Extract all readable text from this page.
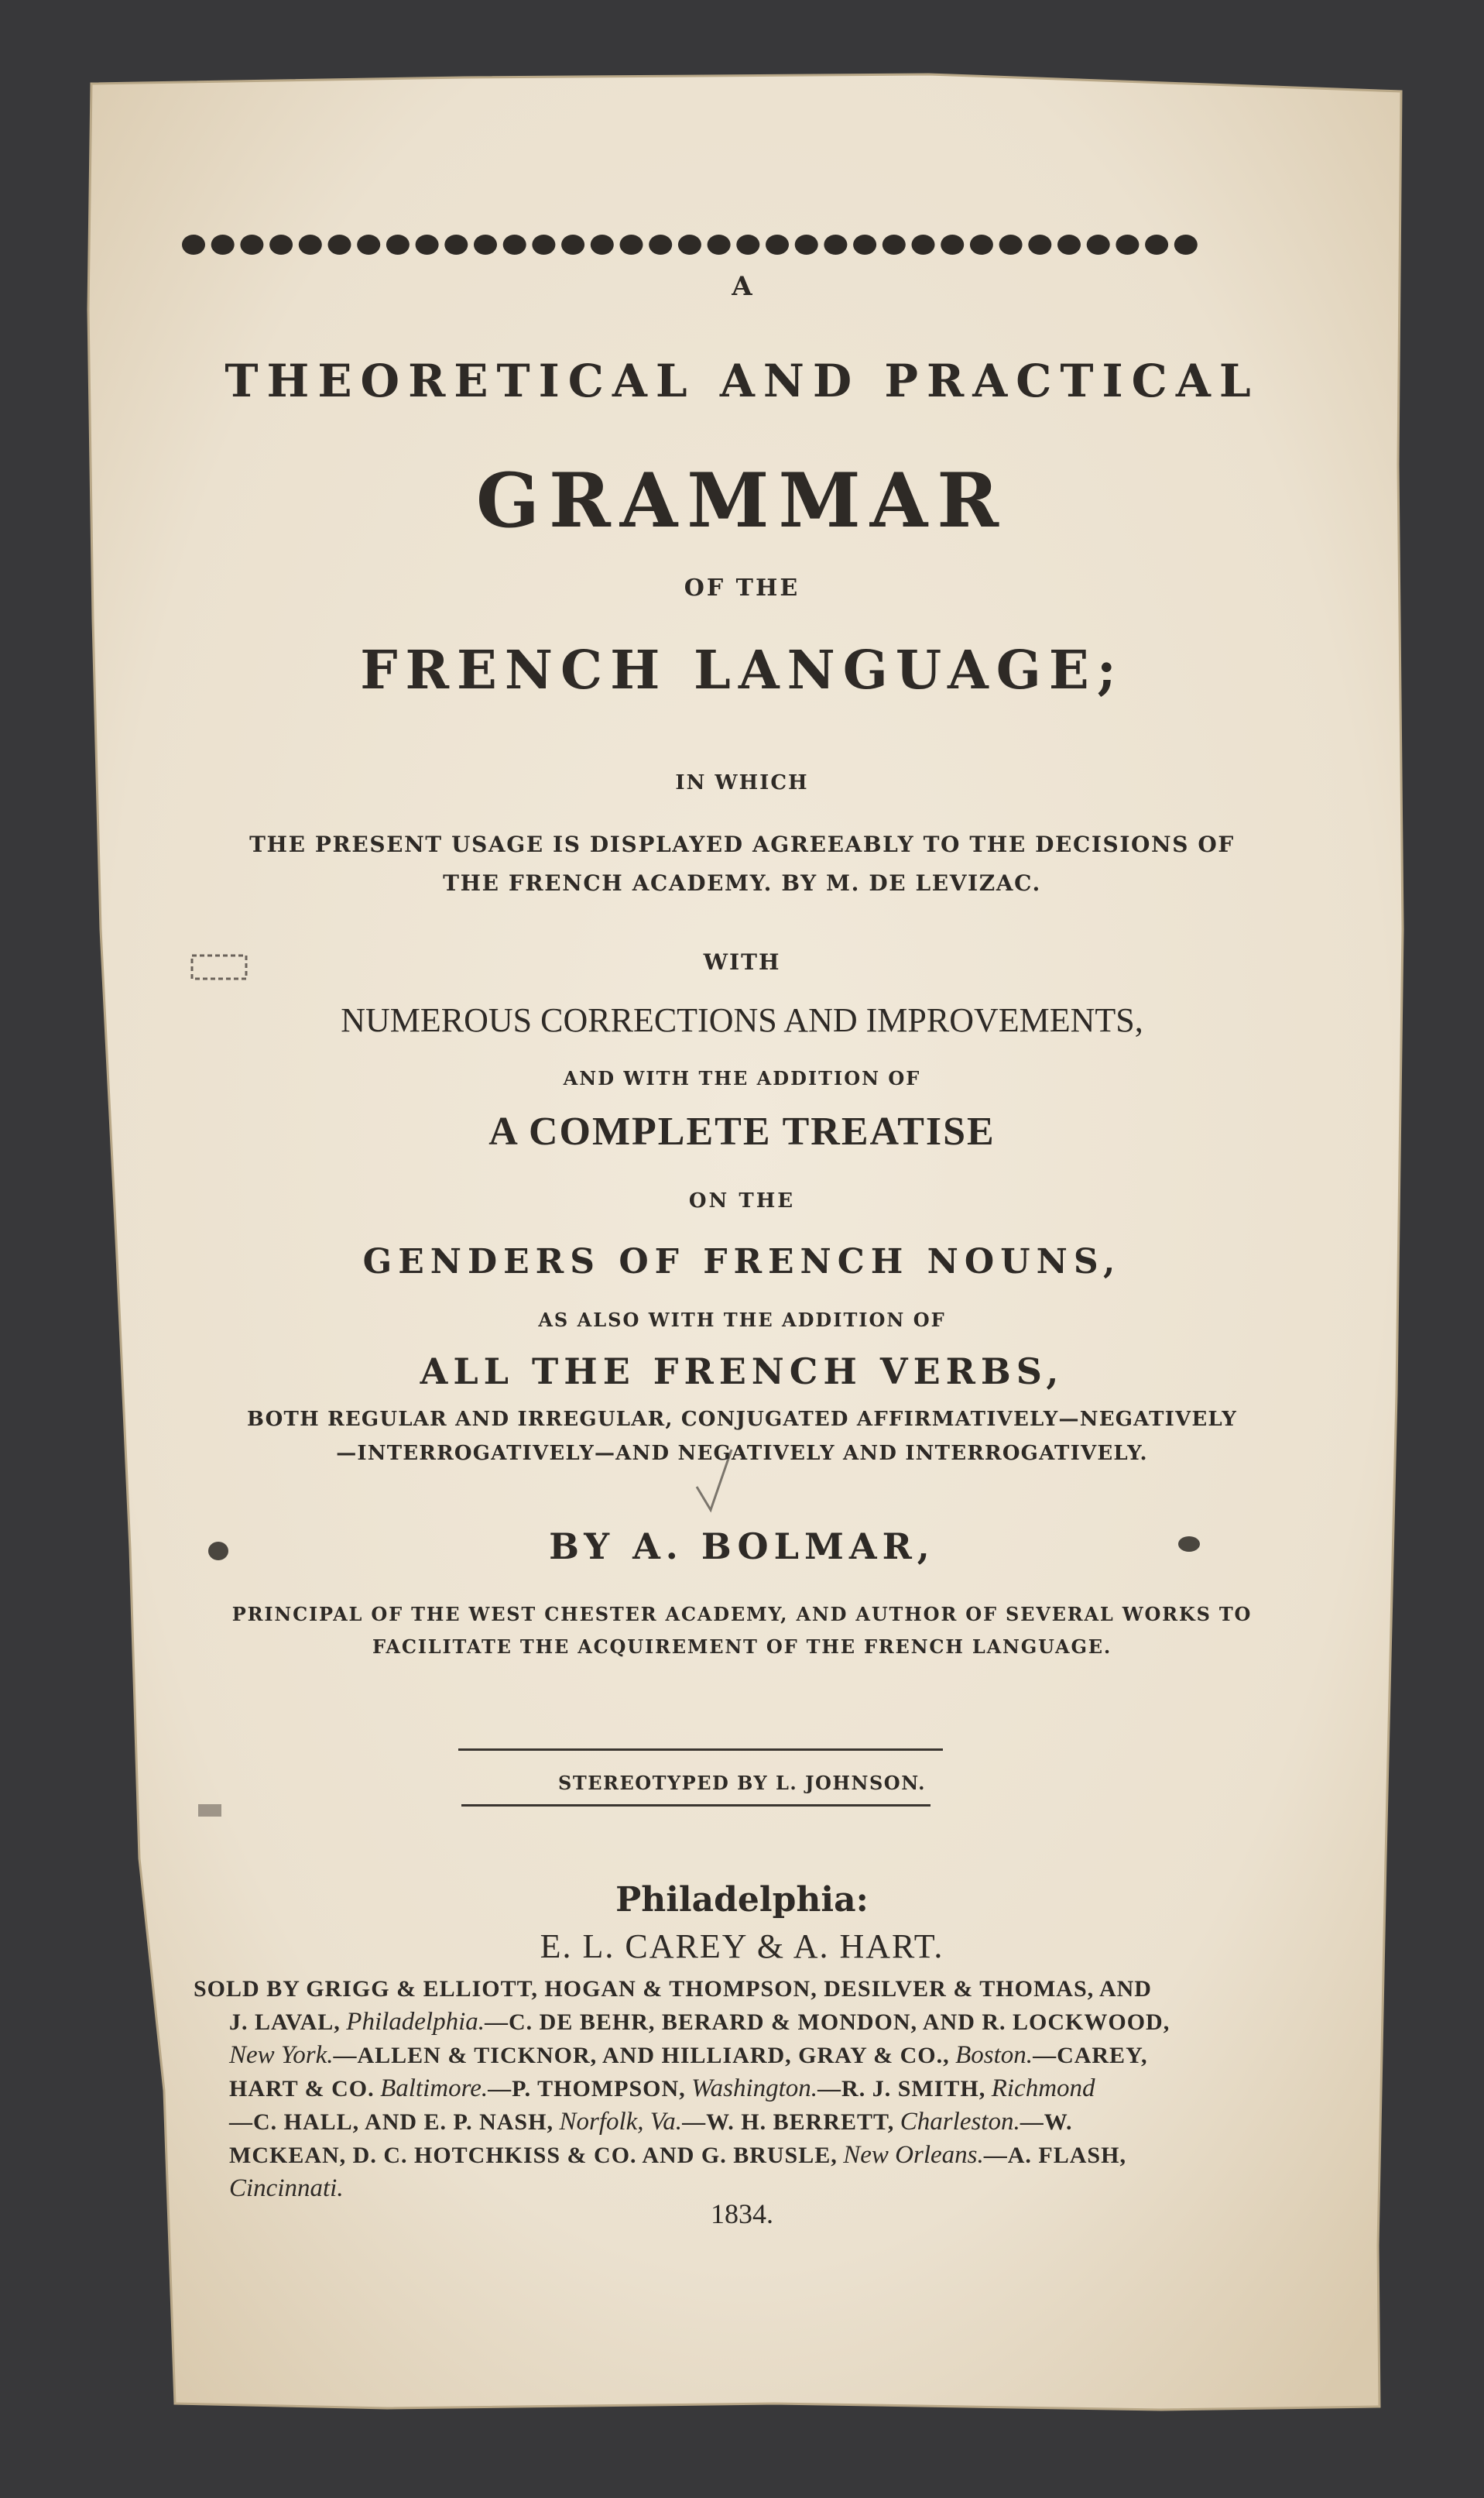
A

THEORETICAL AND PRACTICAL

GRAMMAR

OF THE

FRENCH LANGUAGE;

IN WHICH

THE PRESENT USAGE IS DISPLAYED AGREEABLY TO THE DECISIONS OF

THE FRENCH ACADEMY. BY M. DE LEVIZAC.

WITH

NUMEROUS CORRECTIONS AND IMPROVEMENTS,

AND WITH THE ADDITION OF

A COMPLETE TREATISE

ON THE

GENDERS OF FRENCH NOUNS,

AS ALSO WITH THE ADDITION OF

ALL THE FRENCH VERBS,

BOTH REGULAR AND IRREGULAR, CONJUGATED AFFIRMATIVELY—NEGATIVELY

—INTERROGATIVELY—AND NEGATIVELY AND INTERROGATIVELY.

BY A. BOLMAR,

PRINCIPAL OF THE WEST CHESTER ACADEMY, AND AUTHOR OF SEVERAL WORKS TO

FACILITATE THE ACQUIREMENT OF THE FRENCH LANGUAGE.

STEREOTYPED BY L. JOHNSON.

Philadelphia:

E. L. CAREY & A. HART.

SOLD BY GRIGG & ELLIOTT, HOGAN & THOMPSON, DESILVER & THOMAS, AND
J. LAVAL, Philadelphia.—C. DE BEHR, BERARD & MONDON, AND R. LOCKWOOD,
New York.—ALLEN & TICKNOR, AND HILLIARD, GRAY & CO., Boston.—CAREY,
HART & CO. Baltimore.—P. THOMPSON, Washington.—R. J. SMITH, Richmond
—C. HALL, AND E. P. NASH, Norfolk, Va.—W. H. BERRETT, Charleston.—W.
MCKEAN, D. C. HOTCHKISS & CO. AND G. BRUSLE, New Orleans.—A. FLASH,
Cincinnati.

1834.
